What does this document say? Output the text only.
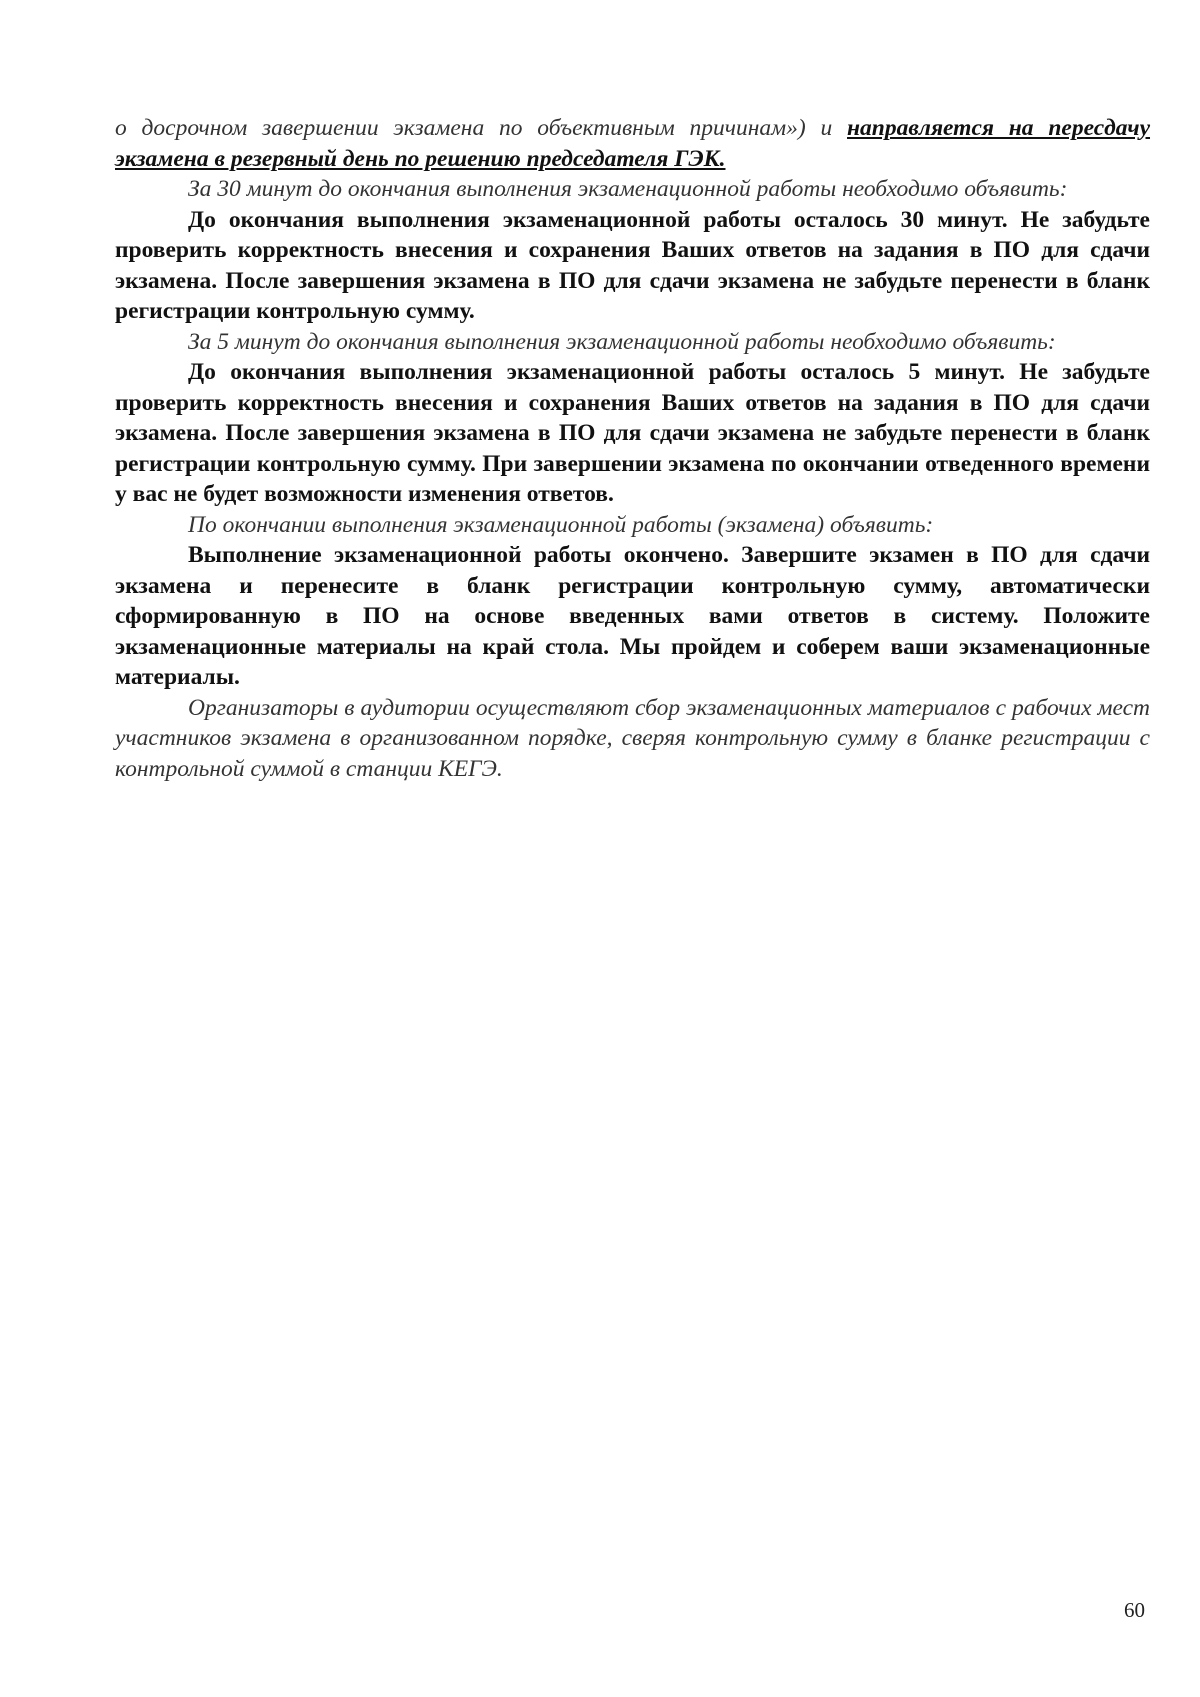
о досрочном завершении экзамена по объективным причинам») и направляется на пересдачу экзамена в резервный день по решению председателя ГЭК.

За 30 минут до окончания выполнения экзаменационной работы необходимо объявить:

До окончания выполнения экзаменационной работы осталось 30 минут. Не забудьте проверить корректность внесения и сохранения Ваших ответов на задания в ПО для сдачи экзамена. После завершения экзамена в ПО для сдачи экзамена не забудьте перенести в бланк регистрации контрольную сумму.

За 5 минут до окончания выполнения экзаменационной работы необходимо объявить:

До окончания выполнения экзаменационной работы осталось 5 минут. Не забудьте проверить корректность внесения и сохранения Ваших ответов на задания в ПО для сдачи экзамена. После завершения экзамена в ПО для сдачи экзамена не забудьте перенести в бланк регистрации контрольную сумму. При завершении экзамена по окончании отведенного времени у вас не будет возможности изменения ответов.

По окончании выполнения экзаменационной работы (экзамена) объявить:

Выполнение экзаменационной работы окончено. Завершите экзамен в ПО для сдачи экзамена и перенесите в бланк регистрации контрольную сумму, автоматически сформированную в ПО на основе введенных вами ответов в систему. Положите экзаменационные материалы на край стола. Мы пройдем и соберем ваши экзаменационные материалы.

Организаторы в аудитории осуществляют сбор экзаменационных материалов с рабочих мест участников экзамена в организованном порядке, сверяя контрольную сумму в бланке регистрации с контрольной суммой в станции КЕГЭ.

60
